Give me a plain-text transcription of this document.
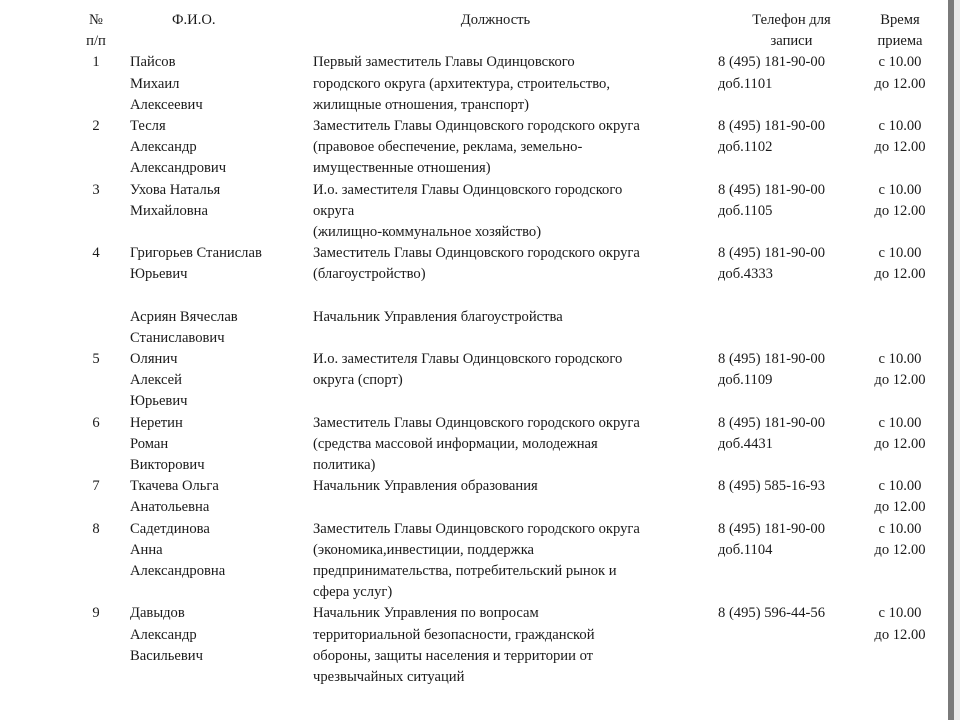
№
п/п	Ф.И.О.	Должность	Телефон для
записи	Время
приема

1	Пайсов
Михаил
Алексеевич	Первый заместитель Главы Одинцовского
городского округа (архитектура, строительство,
жилищные отношения, транспорт)	8 (495) 181-90-00
доб.1101	с 10.00
до 12.00

2	Тесля
Александр
Александрович	Заместитель Главы Одинцовского городского округа
(правовое обеспечение, реклама, земельно-
имущественные отношения)	8 (495) 181-90-00
доб.1102	с 10.00
до 12.00

3	Ухова Наталья
Михайловна	И.о. заместителя Главы Одинцовского городского
округа
(жилищно-коммунальное хозяйство)	8 (495) 181-90-00
доб.1105	с 10.00
до 12.00

4	Григорьев Станислав
Юрьевич	Заместитель Главы Одинцовского городского округа
(благоустройство)	8 (495) 181-90-00
доб.4333	с 10.00
до 12.00

	Асриян Вячеслав
Станиславович	Начальник Управления благоустройства		

5	Олянич
Алексей
Юрьевич	И.о. заместителя Главы Одинцовского городского
округа (спорт)	8 (495) 181-90-00
доб.1109	с 10.00
до 12.00

6	Неретин
Роман
Викторович	Заместитель Главы Одинцовского городского округа
(средства массовой информации, молодежная
политика)	8 (495) 181-90-00
доб.4431	с 10.00
до 12.00

7	Ткачева Ольга
Анатольевна	Начальник Управления образования	8 (495) 585-16-93	с 10.00
до 12.00

8	Садетдинова
Анна
Александровна	Заместитель Главы Одинцовского городского округа
(экономика,инвестиции, поддержка
предпринимательства, потребительский рынок и
сфера услуг)	8 (495) 181-90-00
доб.1104	с 10.00
до 12.00

9	Давыдов
Александр
Васильевич	Начальник Управления по вопросам
территориальной безопасности, гражданской
обороны, защиты населения и территории от
чрезвычайных ситуаций	8 (495) 596-44-56	с 10.00
до 12.00
